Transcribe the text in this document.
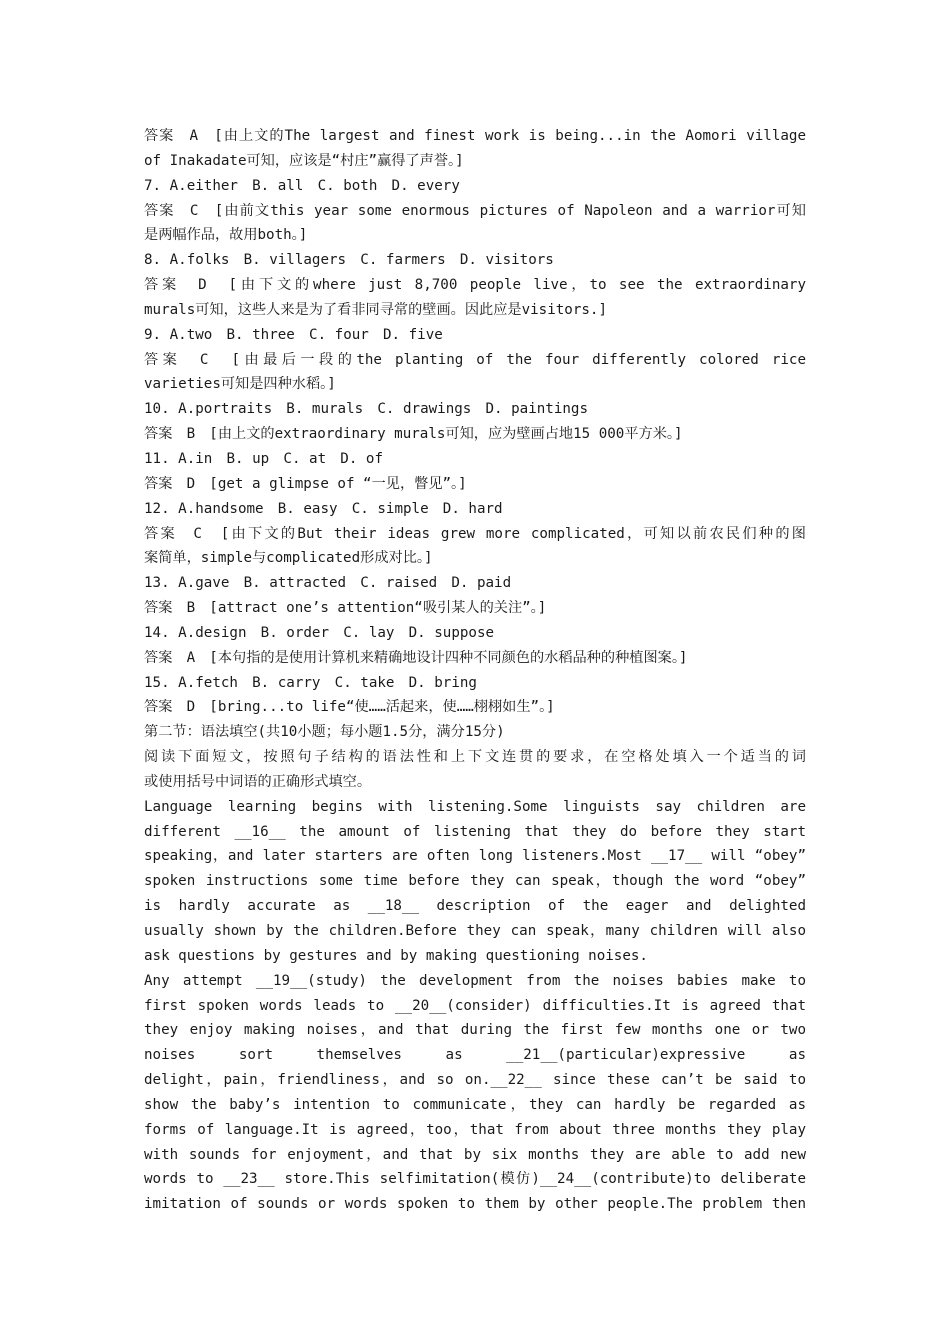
答案　A　[由上文的The largest and finest work is being...in the Aomori village
of Inakadate可知，应该是“村庄”赢得了声誉。]
7. A.either　B. all　C. both　D. every
答案　C　[由前文this year some enormous pictures of Napoleon and a warrior可知
是两幅作品，故用both。]
8. A.folks　B. villagers　C. farmers　D. visitors
答案　D　[由下文的where just 8,700 people live，to see the extraordinary
murals可知，这些人来是为了看非同寻常的壁画。因此应是visitors.]
9. A.two　B. three　C. four　D. five
答案　C　[由最后一段的the planting of the four differently colored rice
varieties可知是四种水稻。]
10. A.portraits　B. murals　C. drawings　D. paintings
答案　B　[由上文的extraordinary murals可知，应为壁画占地15 000平方米。]
11. A.in　B. up　C. at　D. of
答案　D　[get a glimpse of “一见，瞥见”。]
12. A.handsome　B. easy　C. simple　D. hard
答案　C　[由下文的But their ideas grew more complicated，可知以前农民们种的图
案简单，simple与complicated形成对比。]
13. A.gave　B. attracted　C. raised　D. paid
答案　B　[attract one’s attention“吸引某人的关注”。]
14. A.design　B. order　C. lay　D. suppose
答案　A　[本句指的是使用计算机来精确地设计四种不同颜色的水稻品种的种植图案。]
15. A.fetch　B. carry　C. take　D. bring
答案　D　[bring...to life“使……活起来，使……栩栩如生”。]
第二节：语法填空(共10小题；每小题1.5分，满分15分)
阅读下面短文，按照句子结构的语法性和上下文连贯的要求，在空格处填入一个适当的词
或使用括号中词语的正确形式填空。
Language learning begins with listening.Some linguists say children are
different __16__ the amount of listening that they do before they start
speaking，and later starters are often long listeners.Most __17__ will “obey”
spoken instructions some time before they can speak，though the word “obey”
is hardly accurate as __18__ description of the eager and delighted
usually shown by the children.Before they can speak，many children will also
ask questions by gestures and by making questioning noises.
Any attempt __19__(study) the development from the noises babies make to
first spoken words leads to __20__(consider) difficulties.It is agreed that
they enjoy making noises，and that during the first few months one or two
noises sort themselves as __21__(particular)expressive as
delight，pain，friendliness，and so on.__22__ since these can’t be said to
show the baby’s intention to communicate，they can hardly be regarded as
forms of language.It is agreed，too，that from about three months they play
with sounds for enjoyment，and that by six months they are able to add new
words to __23__ store.This selfimitation(模仿)__24__(contribute)to deliberate
imitation of sounds or words spoken to them by other people.The problem then
